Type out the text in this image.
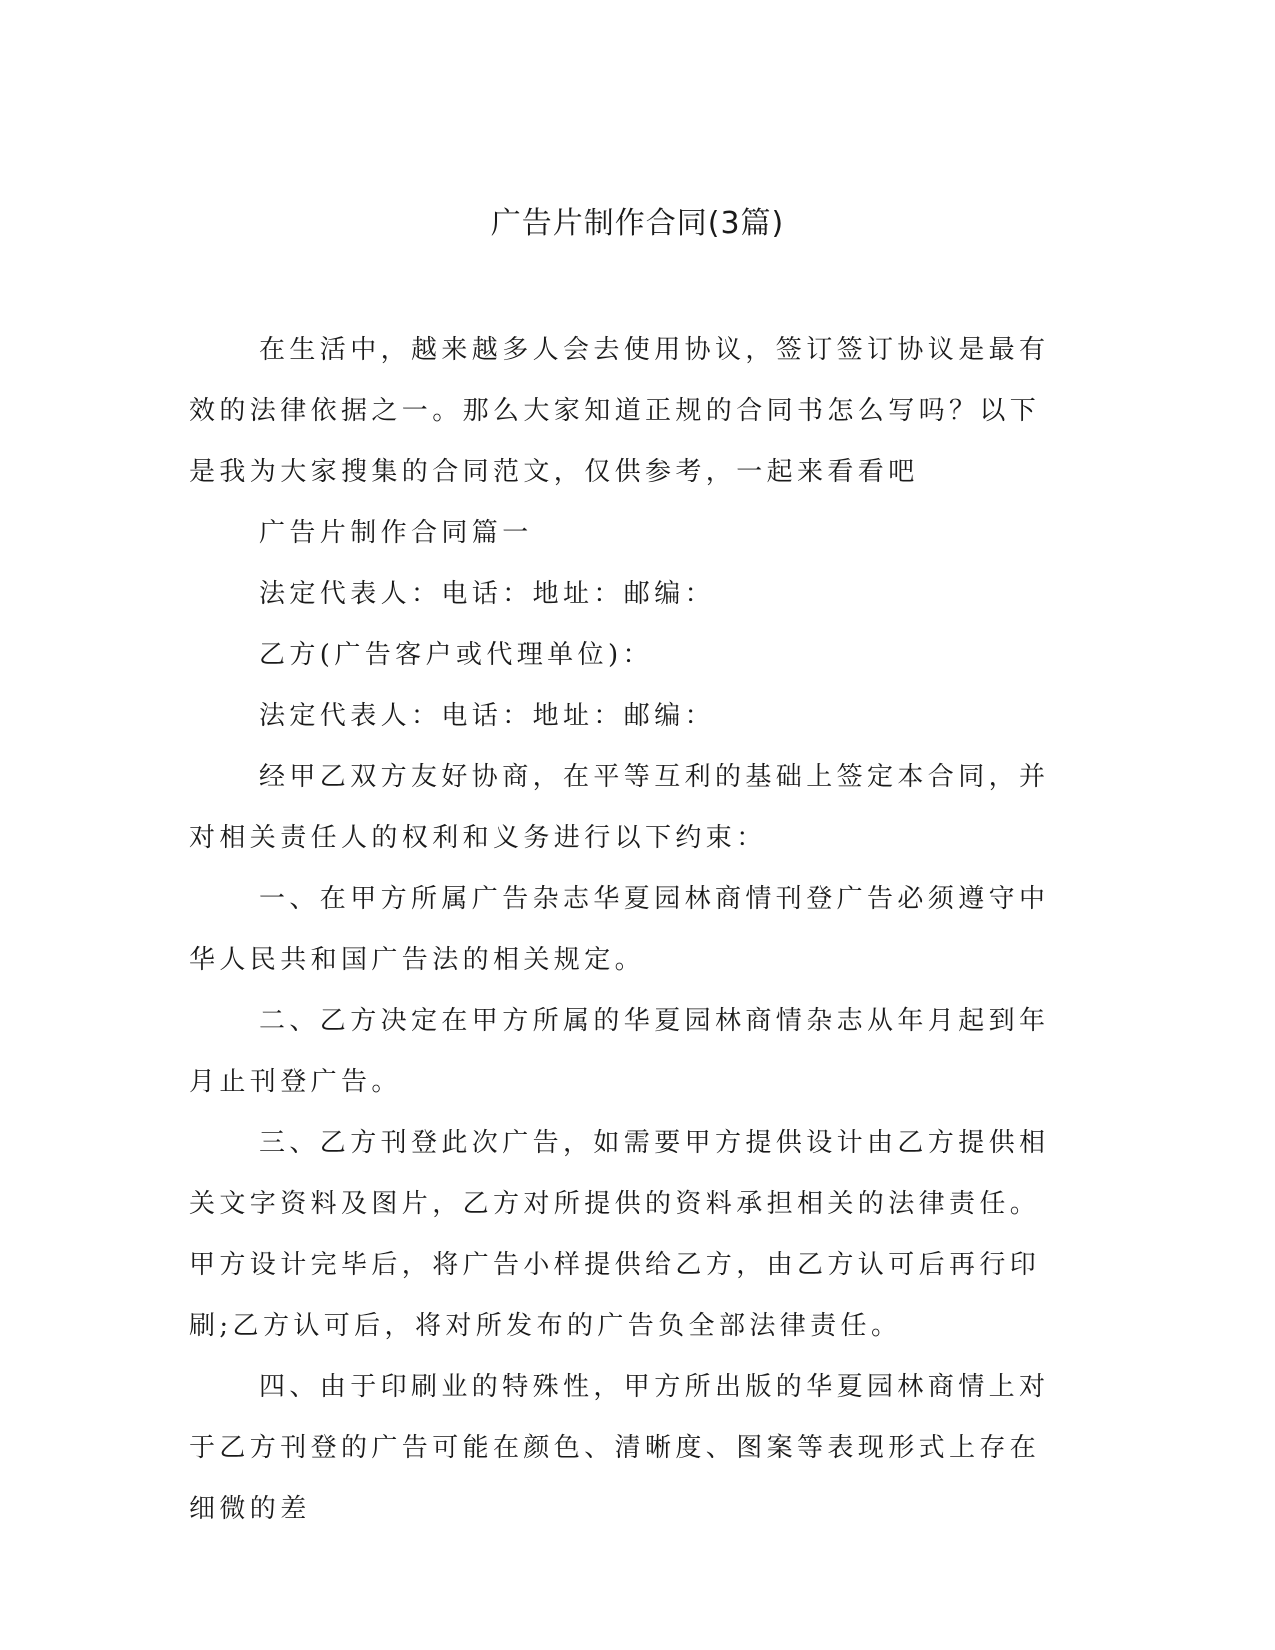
广告片制作合同(3篇)

在生活中，越来越多人会去使用协议，签订签订协议是最有效的法律依据之一。那么大家知道正规的合同书怎么写吗？以下是我为大家搜集的合同范文，仅供参考，一起来看看吧

广告片制作合同篇一

法定代表人：电话：地址：邮编：

乙方(广告客户或代理单位)：

法定代表人：电话：地址：邮编：

经甲乙双方友好协商，在平等互利的基础上签定本合同，并对相关责任人的权利和义务进行以下约束：

一、在甲方所属广告杂志华夏园林商情刊登广告必须遵守中华人民共和国广告法的相关规定。

二、乙方决定在甲方所属的华夏园林商情杂志从年月起到年月止刊登广告。

三、乙方刊登此次广告，如需要甲方提供设计由乙方提供相关文字资料及图片，乙方对所提供的资料承担相关的法律责任。甲方设计完毕后，将广告小样提供给乙方，由乙方认可后再行印刷;乙方认可后，将对所发布的广告负全部法律责任。

四、由于印刷业的特殊性，甲方所出版的华夏园林商情上对于乙方刊登的广告可能在颜色、清晰度、图案等表现形式上存在细微的差
